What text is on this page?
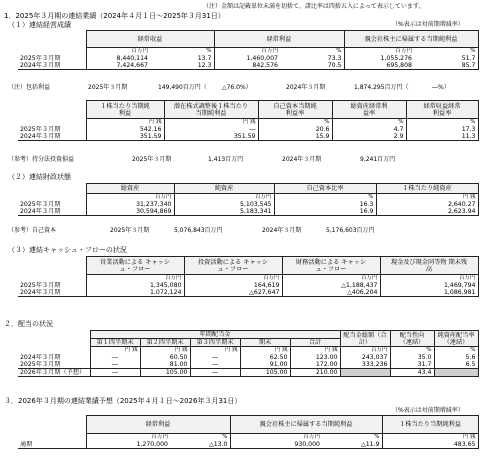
（注）金額は記載単位未満を切捨て、諸比率は四捨五入によって表示しています。
1．2025年３月期の連結業績（2024年４月１日～2025年３月31日）
（１）連結経営成績	（%表示は対前期増減率）
	経常収益		経常利益		親会社株主に帰属する当期純利益	
	百万円	%	百万円	%	百万円	%
2025年３月期	8,440,114	13.7	1,460,007	73.3	1,055,276	51.7
2024年３月期	7,424,667	12.3	842,576	70.5	695,808	85.7
（注）包括利益	2025年３月期	149,490百万円（	△76.0%）	2024年３月期	1,874,295百万円（	―%）
	１株当たり当期純利益	潜在株式調整後１株当たり当期純利益	自己資本当期純利益率	総資産経常利益率	経常収益経常利益率
	円 銭	円 銭	%	%	%
2025年３月期	542.16	―	20.6	4.7	17.3
2024年３月期	351.59	351.59	15.9	2.9	11.3
（参考）持分法投資損益	2025年３月期	1,413百万円	2024年３月期	9,241百万円
（２）連結財政状態
	総資産	純資産	自己資本比率	１株当たり純資産
	百万円	百万円	%	円 銭
2025年３月期	31,237,340	5,103,545	16.3	2,640.27
2024年３月期	30,594,869	5,183,341	16.9	2,623.94
（参考）自己資本	2025年３月期	5,076,843百万円	2024年３月期	5,176,603百万円
（３）連結キャッシュ・フローの状況
	営業活動による キャッシュ・フロー	投資活動による キャッシュ・フロー	財務活動による キャッシュ・フロー	現金及び現金同等物 期末残高
	百万円	百万円	百万円	百万円
2025年３月期	1,345,080	164,619	△1,188,437	1,469,794
2024年３月期	1,072,124	△627,647	△406,204	1,086,981
２．配当の状況
	年間配当金					配当金総額（合計）	配当性向（連結）	純資産配当率（連結）
	第１四半期末	第２四半期末	第３四半期末	期末	合計			
	円 銭	円 銭	円 銭	円 銭	円 銭	百万円	%	%
2024年３月期	―	60.50	―	62.50	123.00	243,037	35.0	5.6
2025年３月期	―	81.00	―	91.00	172.00	333,236	31.7	6.5
2026年３月期（予想）	―	105.00	―	105.00	210.00		43.4	
３．2026年３月期の連結業績予想（2025年４月１日～2026年３月31日）
（%表示は対前期増減率）
	経常利益		親会社株主に帰属する当期純利益		１株当たり当期純利益
	百万円	%	百万円	%	円 銭
通期	1,270,000	△13.0	930,000	△11.9	483.65
